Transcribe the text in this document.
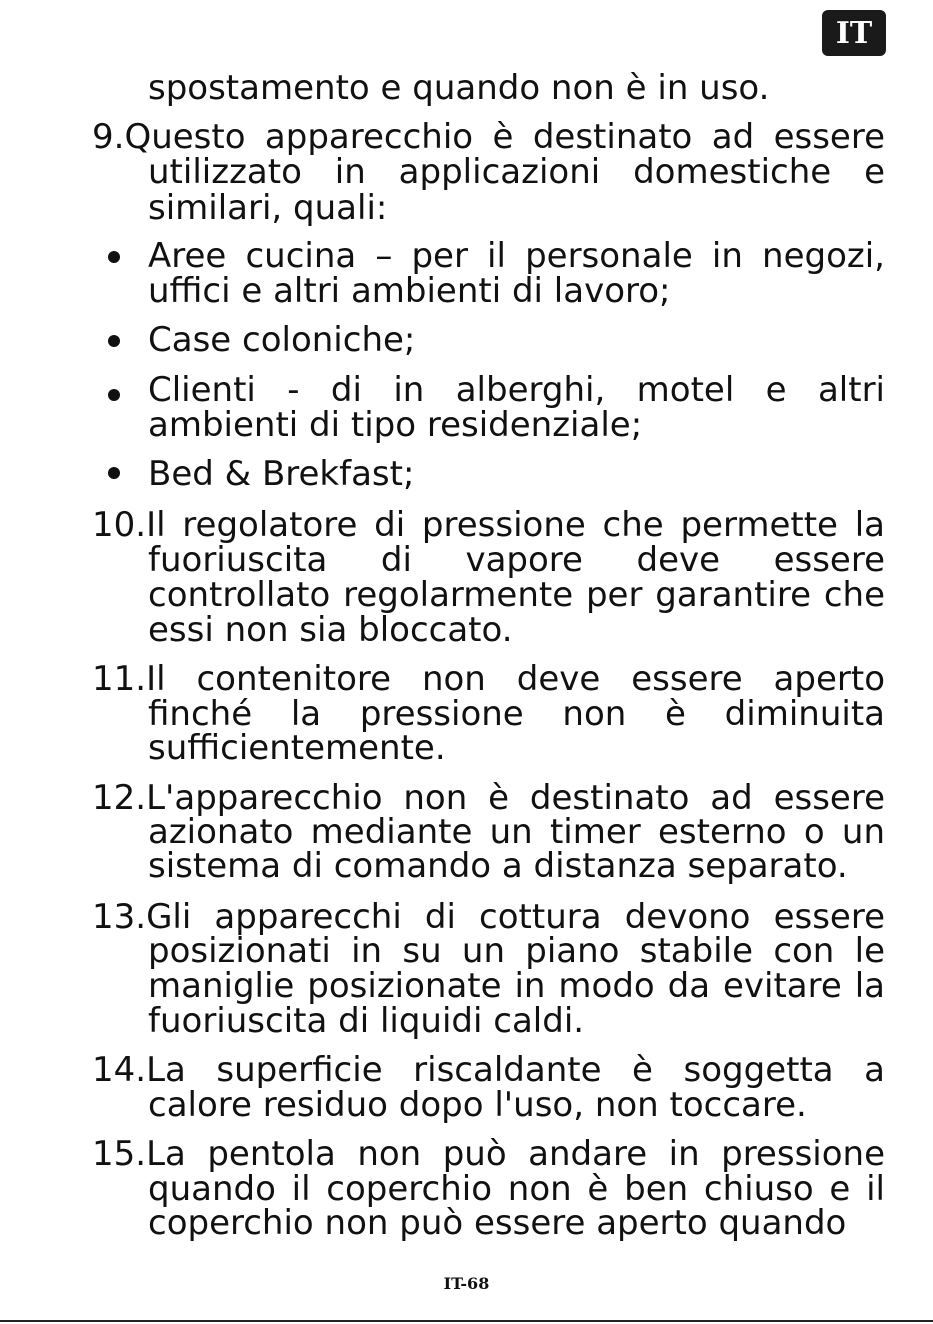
IT
spostamento e quando non è in uso.
9.Questo apparecchio è destinato ad essere
utilizzato in applicazioni domestiche e
similari, quali:
Aree cucina – per il personale in negozi,
uffici e altri ambienti di lavoro;
Case coloniche;
Clienti - di in alberghi, motel e altri
ambienti di tipo residenziale;
Bed & Brekfast;
10.Il regolatore di pressione che permette la
fuoriuscita di vapore deve essere
controllato regolarmente per garantire che
essi non sia bloccato.
11.Il contenitore non deve essere aperto
finché la pressione non è diminuita
sufficientemente.
12.L'apparecchio non è destinato ad essere
azionato mediante un timer esterno o un
sistema di comando a distanza separato.
13.Gli apparecchi di cottura devono essere
posizionati in su un piano stabile con le
maniglie posizionate in modo da evitare la
fuoriuscita di liquidi caldi.
14.La superficie riscaldante è soggetta a
calore residuo dopo l'uso, non toccare.
15.La pentola non può andare in pressione
quando il coperchio non è ben chiuso e il
coperchio non può essere aperto quando
IT-68
